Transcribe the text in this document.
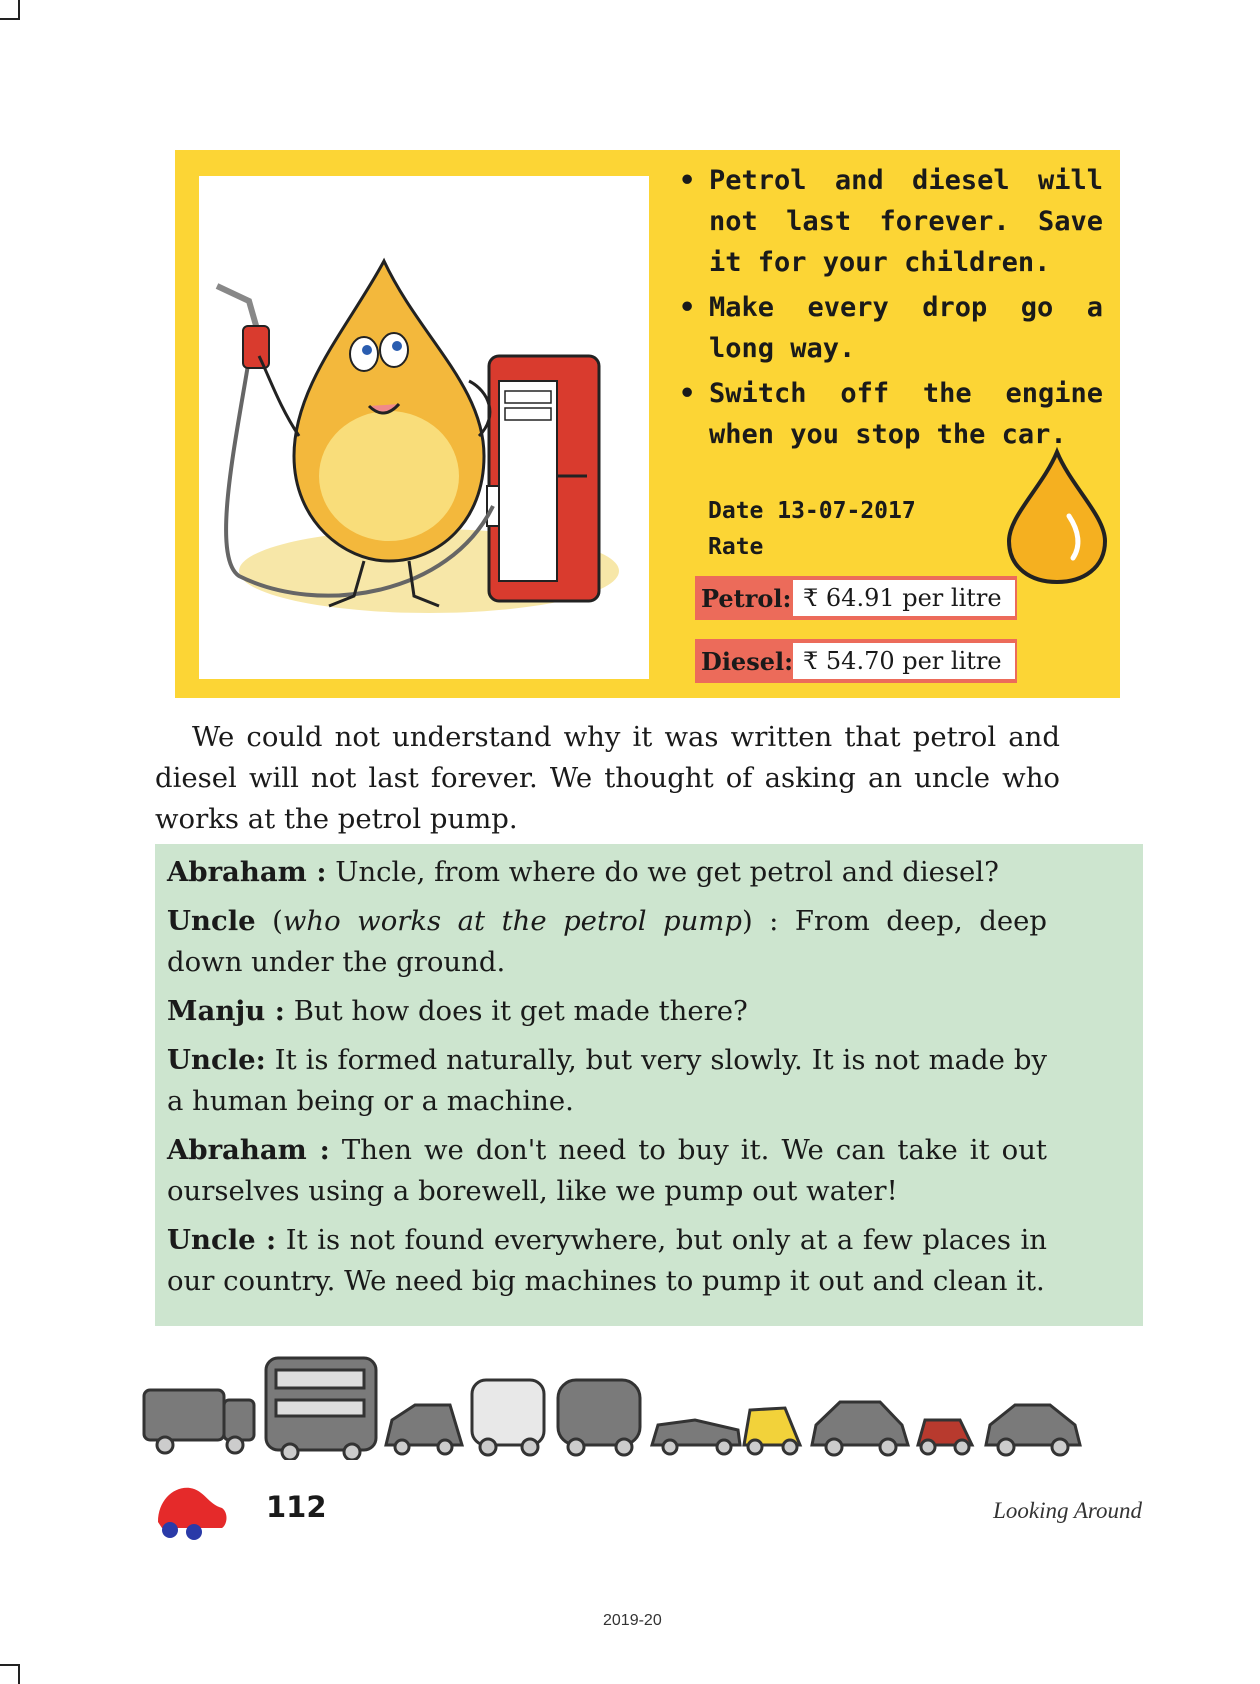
• Petrol and diesel will not last forever. Save it for your children.
• Make every drop go a long way.
• Switch off the engine when you stop the car.
Date 13-07-2017
Rate
Petrol: ₹ 64.91 per litre
Diesel: ₹ 54.70 per litre

We could not understand why it was written that petrol and diesel will not last forever. We thought of asking an uncle who works at the petrol pump.

Abraham : Uncle, from where do we get petrol and diesel?

Uncle (who works at the petrol pump) : From deep, deep down under the ground.

Manju : But how does it get made there?

Uncle: It is formed naturally, but very slowly. It is not made by a human being or a machine.

Abraham : Then we don't need to buy it. We can take it out ourselves using a borewell, like we pump out water!

Uncle : It is not found everywhere, but only at a few places in our country. We need big machines to pump it out and clean it.

112	Looking Around
2019-20
